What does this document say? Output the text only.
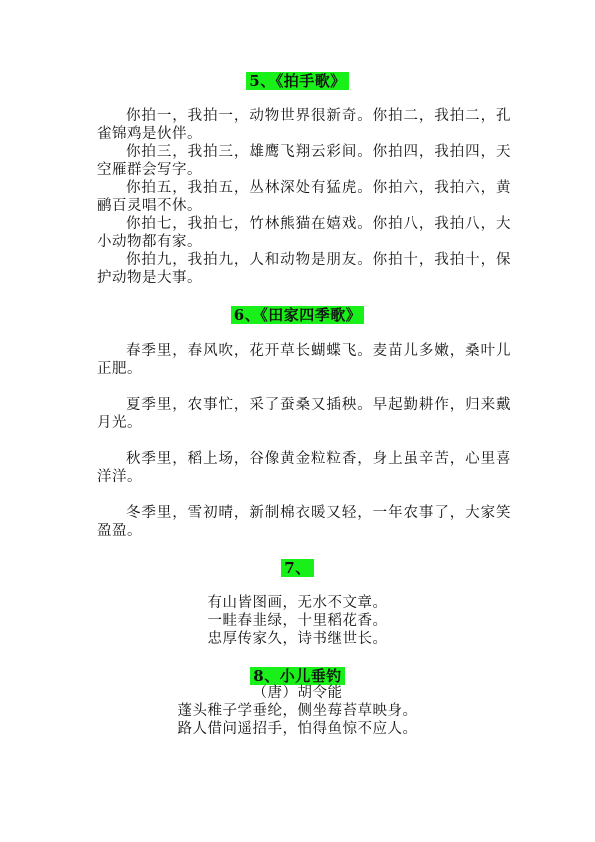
5、《拍手歌》

你拍一，我拍一，动物世界很新奇。你拍二，我拍二，孔雀锦鸡是伙伴。

你拍三，我拍三，雄鹰飞翔云彩间。你拍四，我拍四，天空雁群会写字。

你拍五，我拍五，丛林深处有猛虎。你拍六，我拍六，黄鹂百灵唱不休。

你拍七，我拍七，竹林熊猫在嬉戏。你拍八，我拍八，大小动物都有家。

你拍九，我拍九，人和动物是朋友。你拍十，我拍十，保护动物是大事。

6、《田家四季歌》

春季里，春风吹，花开草长蝴蝶飞。麦苗儿多嫩，桑叶儿正肥。

夏季里，农事忙，采了蚕桑又插秧。早起勤耕作，归来戴月光。

秋季里，稻上场，谷像黄金粒粒香，身上虽辛苦，心里喜洋洋。

冬季里，雪初晴，新制棉衣暖又轻，一年农事了，大家笑盈盈。

7、
有山皆图画，无水不文章。
一畦春韭绿，十里稻花香。
忠厚传家久，诗书继世长。
8、小儿垂钓
（唐）胡令能
蓬头稚子学垂纶，侧坐莓苔草映身。
路人借问遥招手，怕得鱼惊不应人。
